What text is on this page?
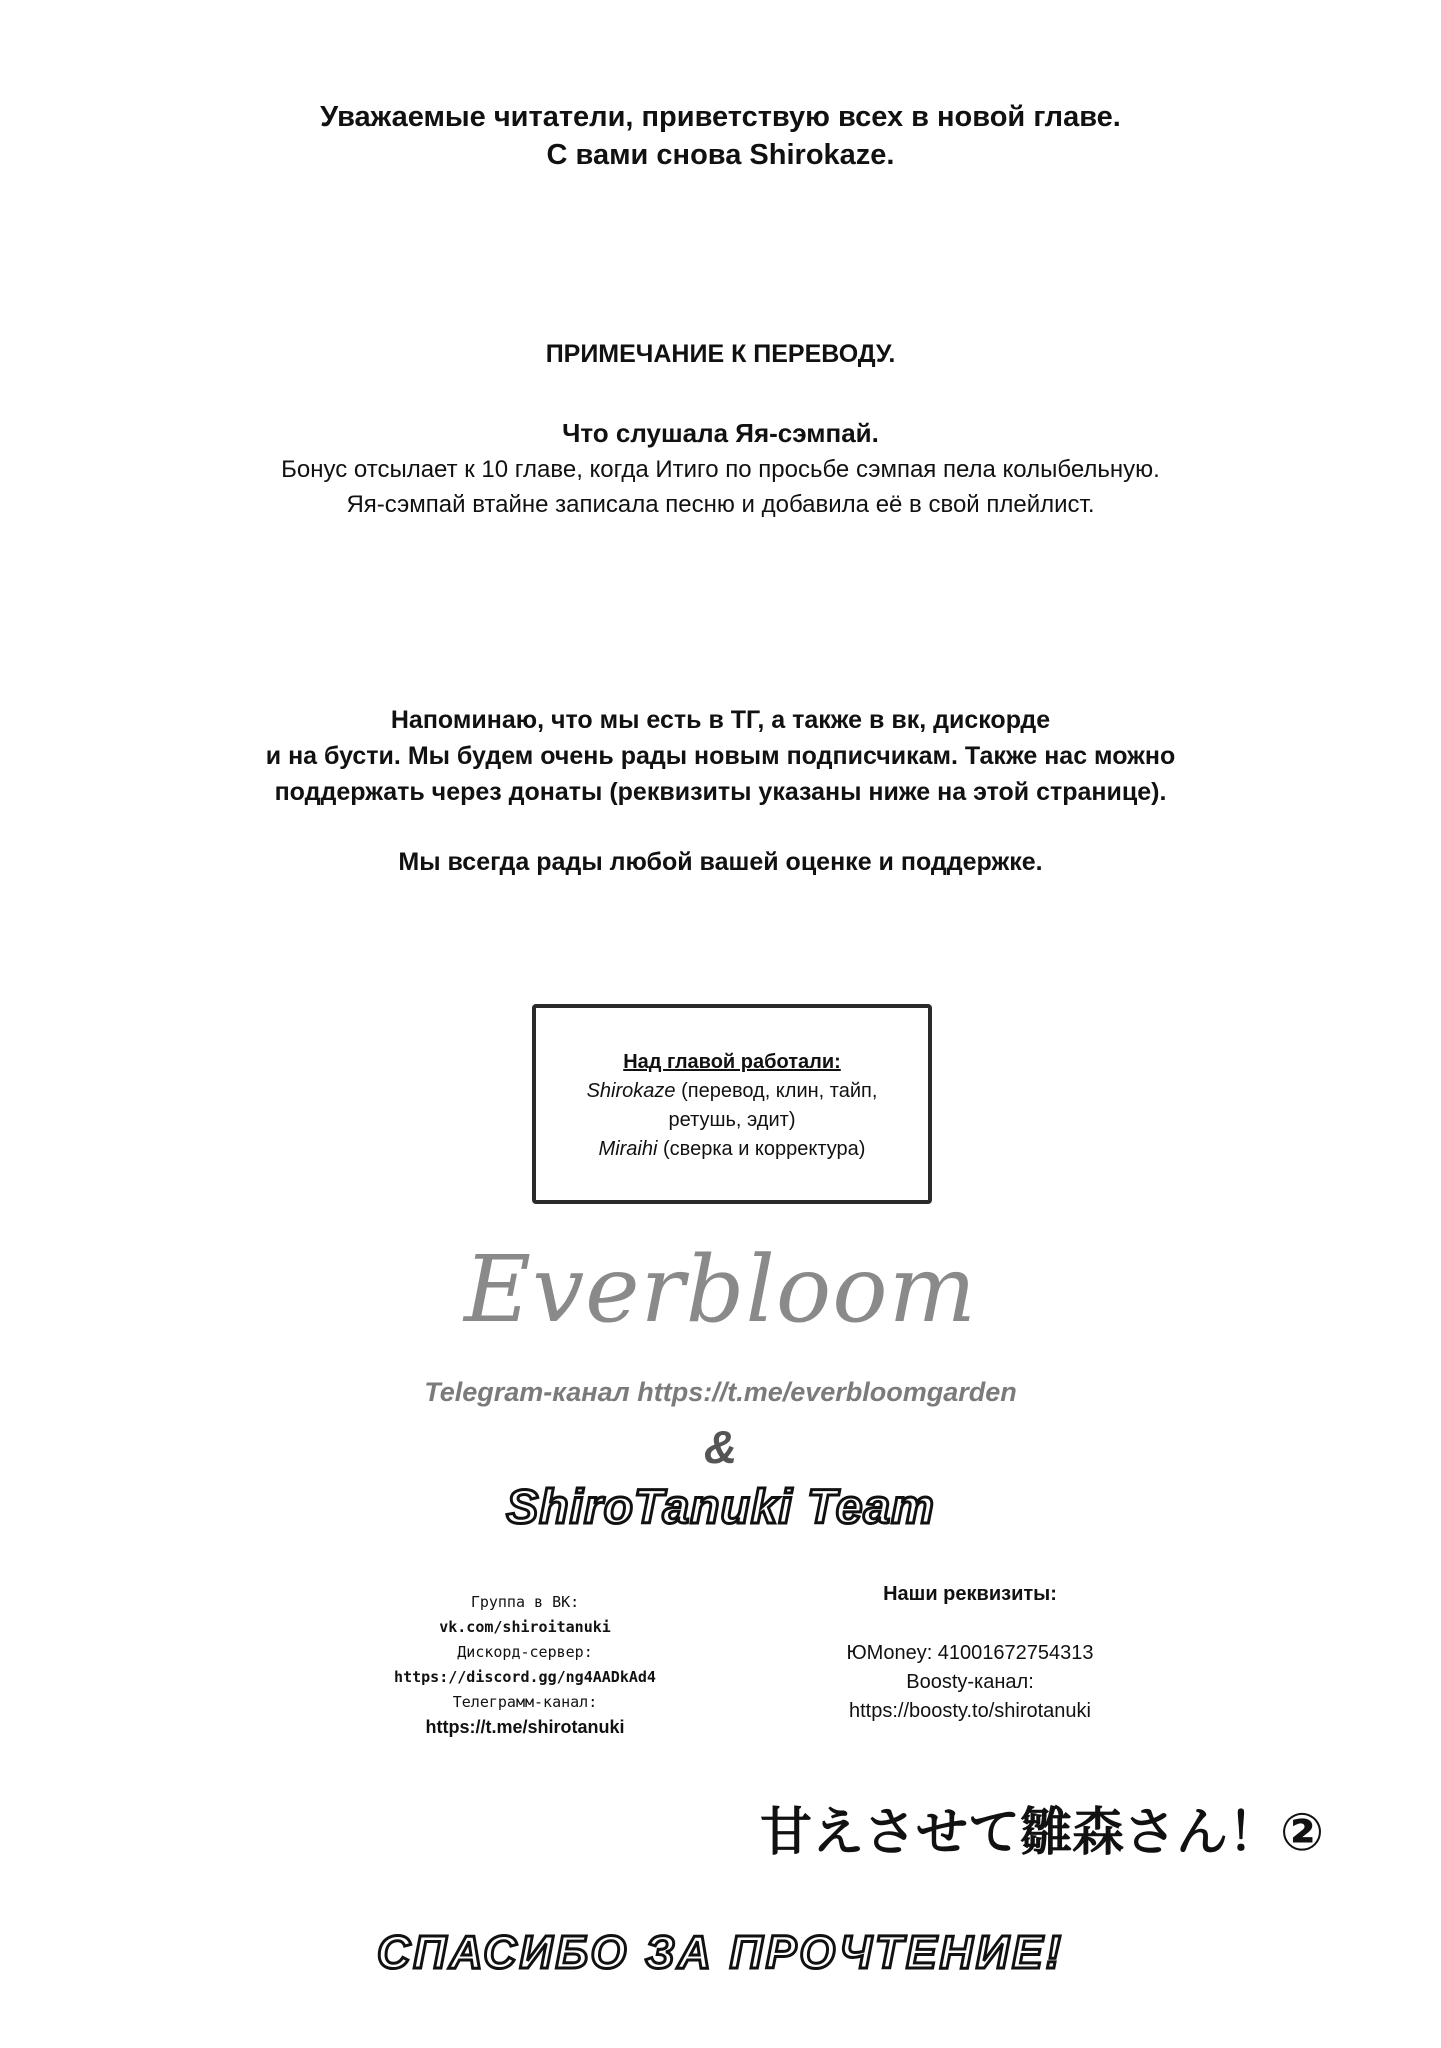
Уважаемые читатели, приветствую всех в новой главе.
С вами снова Shirokaze.
ПРИМЕЧАНИЕ К ПЕРЕВОДУ.
Что слушала Яя-сэмпай.
Бонус отсылает к 10 главе, когда Итиго по просьбе сэмпая пела колыбельную.
Яя-сэмпай втайне записала песню и добавила её в свой плейлист.
Напоминаю, что мы есть в ТГ, а также в вк, дискорде
и на бусти. Мы будем очень рады новым подписчикам. Также нас можно
поддержать через донаты (реквизиты указаны ниже на этой странице).
Мы всегда рады любой вашей оценке и поддержке.
Над главой работали:
Shirokaze (перевод, клин, тайп,
ретушь, эдит)
Miraihi (сверка и корректура)
Everbloom
Telegram-канал https://t.me/everbloomgarden
&
ShiroTanuki Team
Группа в ВК:
vk.com/shiroitanuki
Дискорд-сервер:
https://discord.gg/ng4AADkAd4
Телеграмм-канал:
https://t.me/shirotanuki
Наши реквизиты:
ЮMoney: 41001672754313
Boosty-канал:
https://boosty.to/shirotanuki
甘えさせて雛森さん！②
СПАСИБО ЗА ПРОЧТЕНИЕ!
